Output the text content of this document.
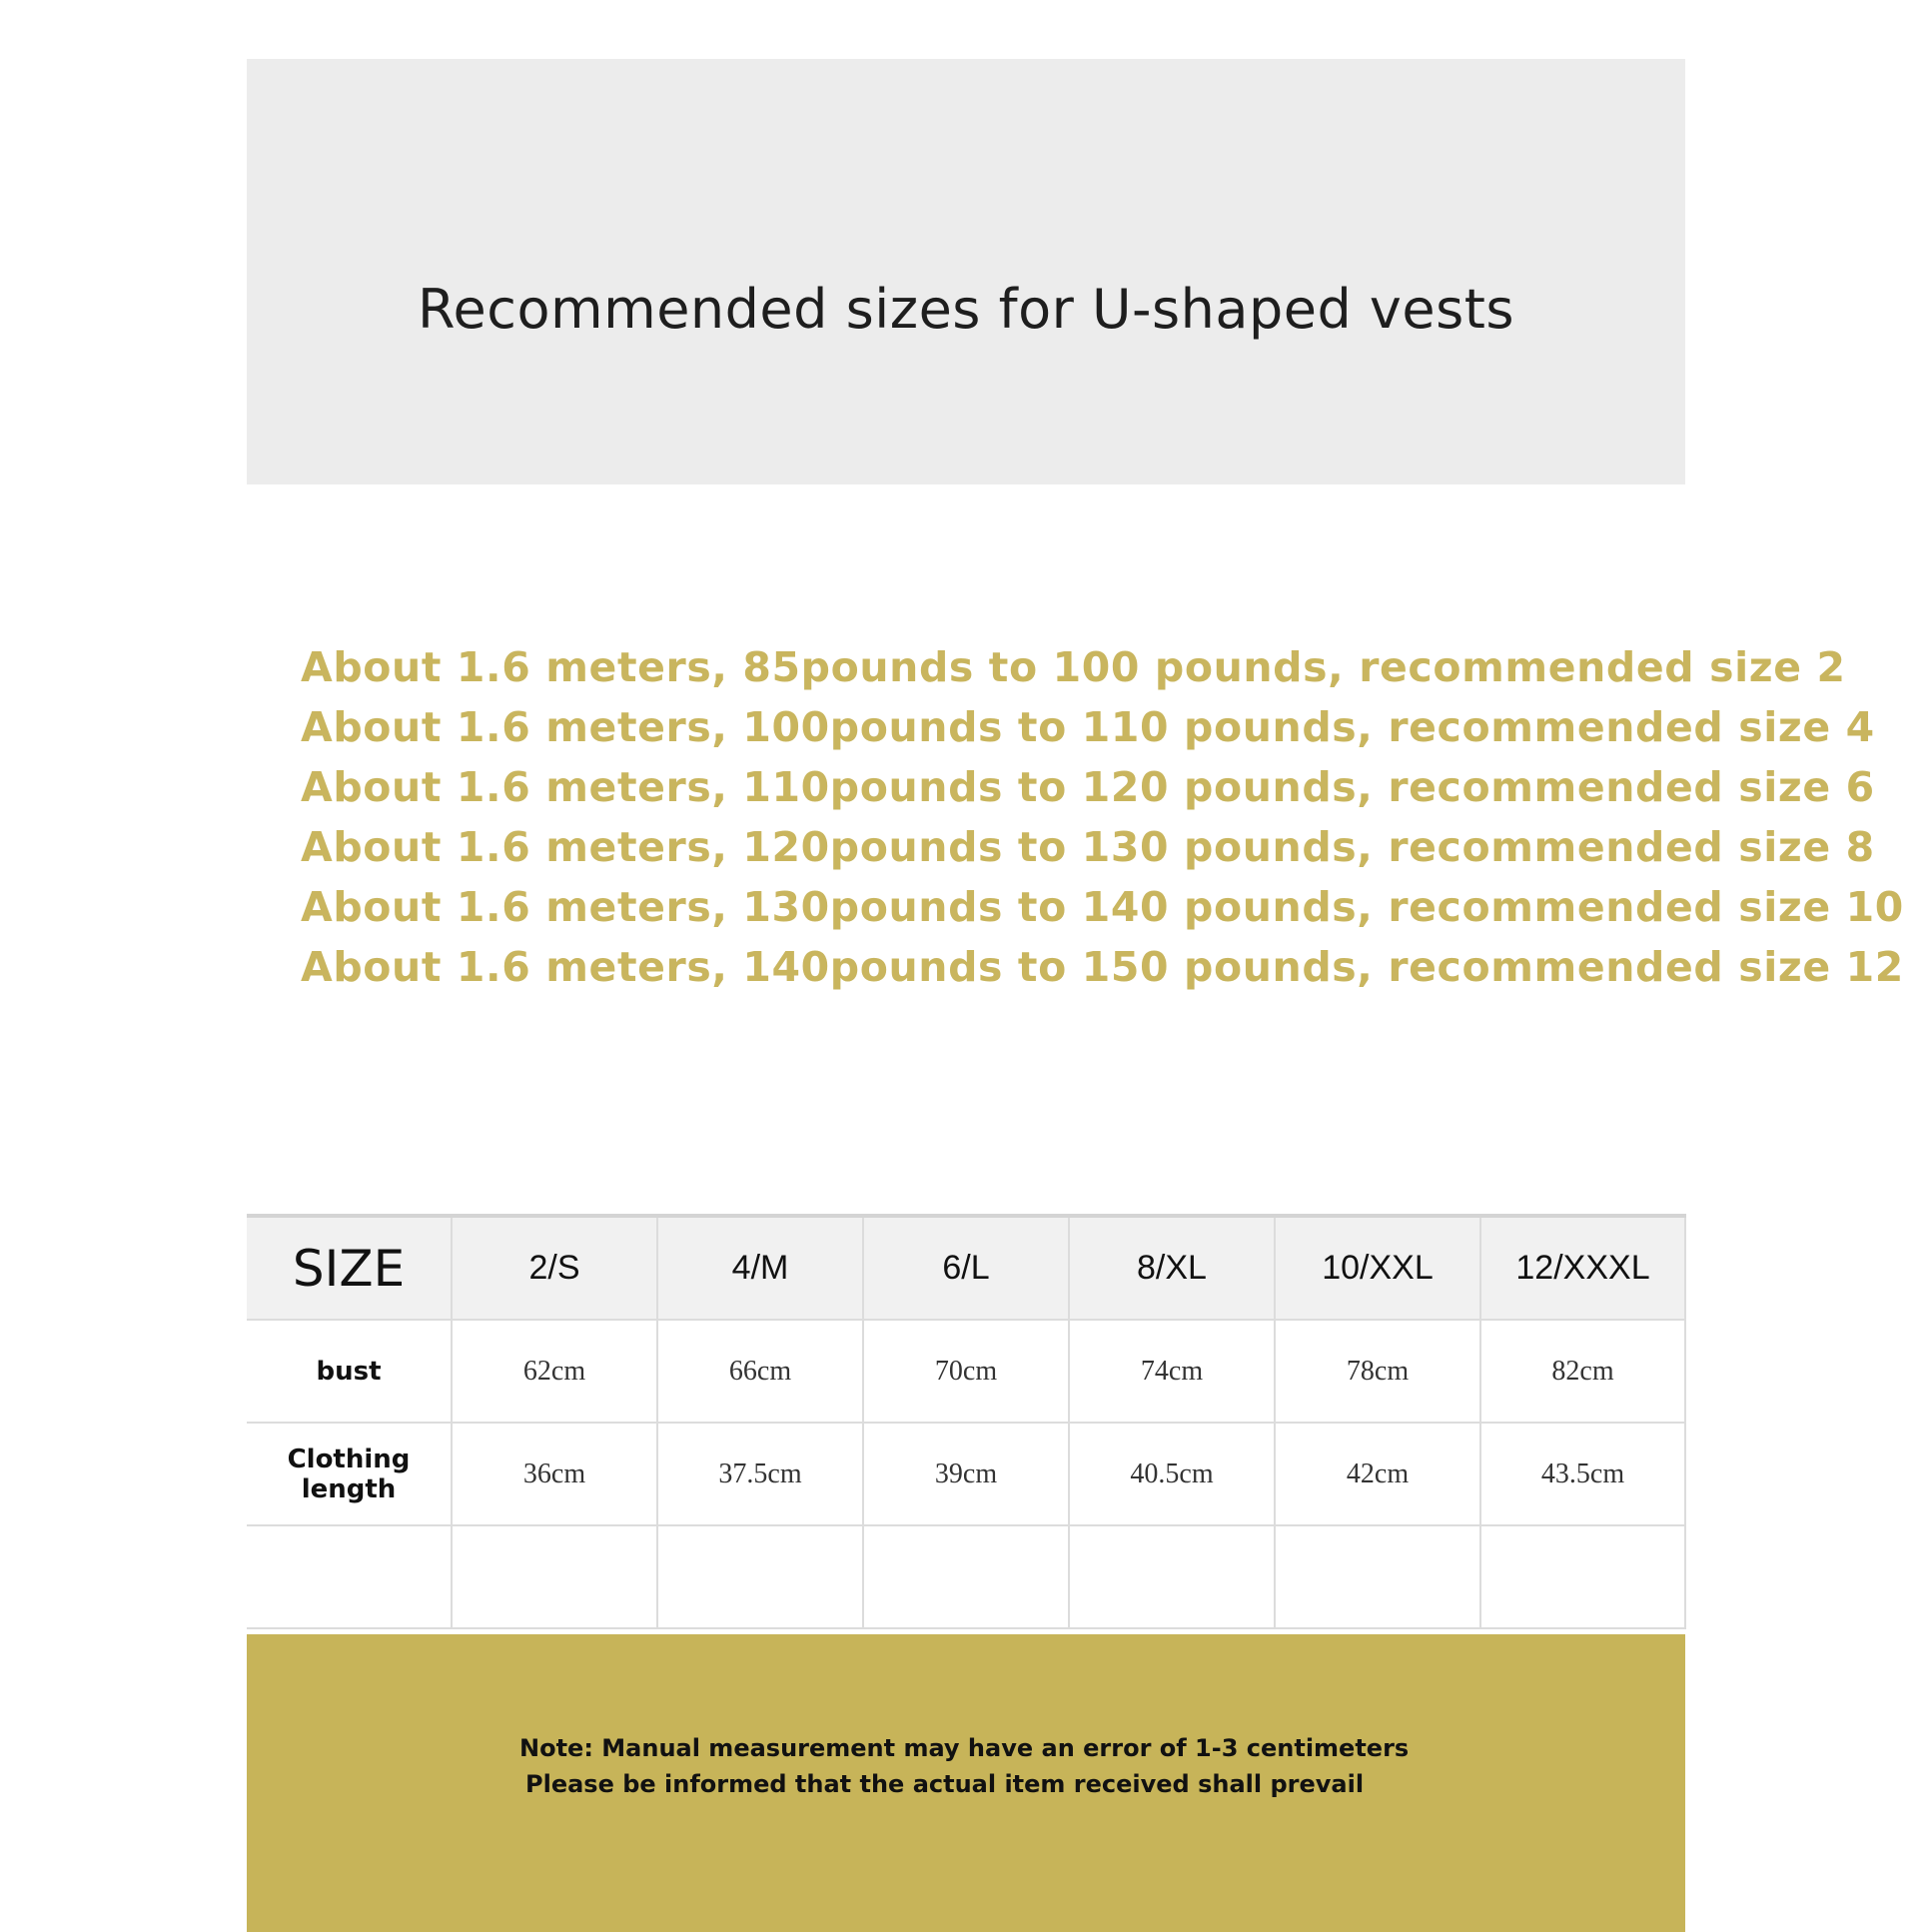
Recommended sizes for U-shaped vests
About 1.6 meters, 85pounds to 100 pounds, recommended size 2
About 1.6 meters, 100pounds to 110 pounds, recommended size 4
About 1.6 meters, 110pounds to 120 pounds, recommended size 6
About 1.6 meters, 120pounds to 130 pounds, recommended size 8
About 1.6 meters, 130pounds to 140 pounds, recommended size 10
About 1.6 meters, 140pounds to 150 pounds, recommended size 12
SIZE	2/S	4/M	6/L	8/XL	10/XXL	12/XXXL
bust	62cm	66cm	70cm	74cm	78cm	82cm
Clothing length	36cm	37.5cm	39cm	40.5cm	42cm	43.5cm

Note: Manual measurement may have an error of 1-3 centimeters
Please be informed that the actual item received shall prevail
